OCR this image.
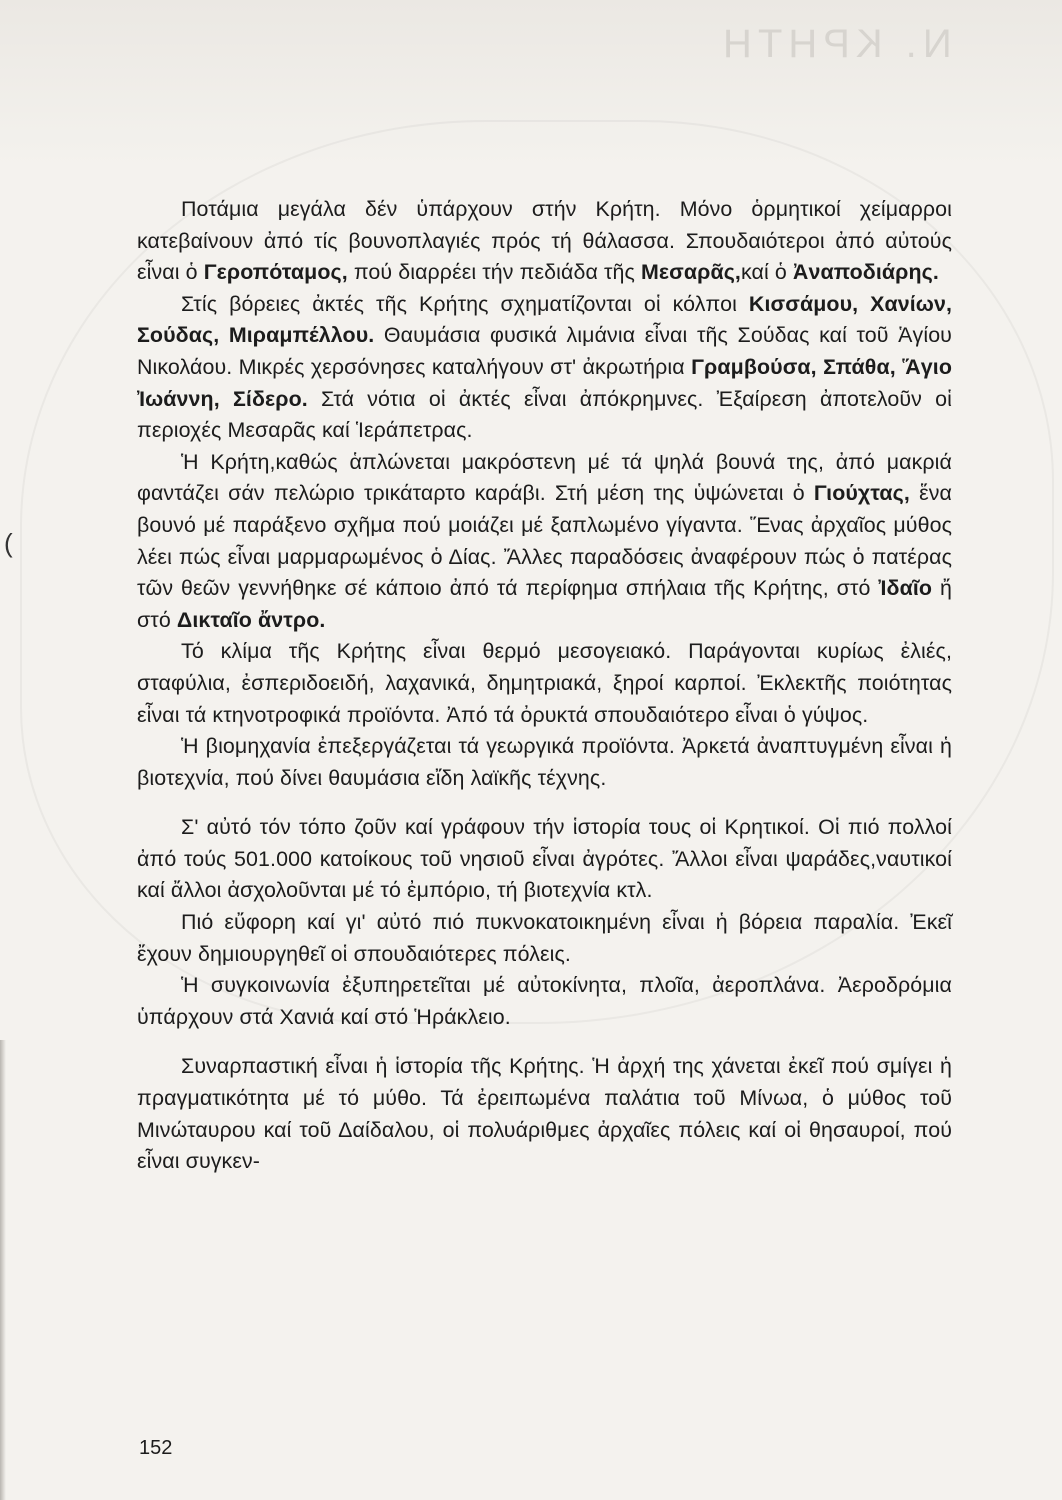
Ν. ΚΡΗΤΗ
(

Ποτάμια μεγάλα δέν ὑπάρχουν στήν Κρήτη. Μόνο ὁρμητικοί χείμαρροι κατεβαίνουν ἀπό τίς βουνοπλαγιές πρός τή θάλασσα. Σπουδαιότεροι ἀπό αὐτούς εἶναι ὁ Γεροπόταμος, πού διαρρέει τήν πεδιάδα τῆς Μεσαρᾶς,καί ὁ Ἀναποδιάρης.

Στίς βόρειες ἀκτές τῆς Κρήτης σχηματίζονται οἱ κόλποι Κισσάμου, Χανίων, Σούδας, Μιραμπέλλου. Θαυμάσια φυσικά λιμάνια εἶναι τῆς Σούδας καί τοῦ Ἁγίου Νικολάου. Μικρές χερσόνησες καταλήγουν στ' ἀκρωτήρια Γραμβούσα, Σπάθα, Ἅγιο Ἰωάννη, Σίδερο. Στά νότια οἱ ἀκτές εἶναι ἀπόκρημνες. Ἐξαίρεση ἀποτελοῦν οἱ περιοχές Μεσαρᾶς καί Ἱεράπετρας.

Ἡ Κρήτη,καθώς ἁπλώνεται μακρόστενη μέ τά ψηλά βουνά της, ἀπό μακριά φαντάζει σάν πελώριο τρικάταρτο καράβι. Στή μέση της ὑψώνεται ὁ Γιούχτας, ἕνα βουνό μέ παράξενο σχῆμα πού μοιάζει μέ ξαπλωμένο γίγαντα. Ἕνας ἀρχαῖος μύθος λέει πώς εἶναι μαρμαρωμένος ὁ Δίας. Ἄλλες παραδόσεις ἀναφέρουν πώς ὁ πατέρας τῶν θεῶν γεννήθηκε σέ κάποιο ἀπό τά περίφημα σπήλαια τῆς Κρήτης, στό Ἰδαῖο ἤ στό Δικταῖο ἄντρο.

Τό κλίμα τῆς Κρήτης εἶναι θερμό μεσογειακό. Παράγονται κυρίως ἐλιές, σταφύλια, ἐσπεριδοειδή, λαχανικά, δημητριακά, ξηροί καρποί. Ἐκλεκτῆς ποιότητας εἶναι τά κτηνοτροφικά προϊόντα. Ἀπό τά ὀρυκτά σπουδαιότερο εἶναι ὁ γύψος.

Ἡ βιομηχανία ἐπεξεργάζεται τά γεωργικά προϊόντα. Ἀρκετά ἀναπτυγμένη εἶναι ἡ βιοτεχνία, πού δίνει θαυμάσια εἴδη λαϊκῆς τέχνης.

Σ' αὐτό τόν τόπο ζοῦν καί γράφουν τήν ἱστορία τους οἱ Κρητικοί. Οἱ πιό πολλοί ἀπό τούς 501.000 κατοίκους τοῦ νησιοῦ εἶναι ἀγρότες. Ἄλλοι εἶναι ψαράδες,ναυτικοί καί ἄλλοι ἀσχολοῦνται μέ τό ἐμπόριο, τή βιοτεχνία κτλ.

Πιό εὔφορη καί γι' αὐτό πιό πυκνοκατοικημένη εἶναι ἡ βόρεια παραλία. Ἐκεῖ ἔχουν δημιουργηθεῖ οἱ σπουδαιότερες πόλεις.

Ἡ συγκοινωνία ἐξυπηρετεῖται μέ αὐτοκίνητα, πλοῖα, ἀεροπλάνα. Ἀεροδρόμια ὑπάρχουν στά Χανιά καί στό Ἡράκλειο.

Συναρπαστική εἶναι ἡ ἱστορία τῆς Κρήτης. Ἡ ἀρχή της χάνεται ἐκεῖ πού σμίγει ἡ πραγματικότητα μέ τό μύθο. Τά ἐρειπωμένα παλάτια τοῦ Μίνωα, ὁ μύθος τοῦ Μινώταυρου καί τοῦ Δαίδαλου, οἱ πολυάριθμες ἀρχαῖες πόλεις καί οἱ θησαυροί, πού εἶναι συγκεν-

152
